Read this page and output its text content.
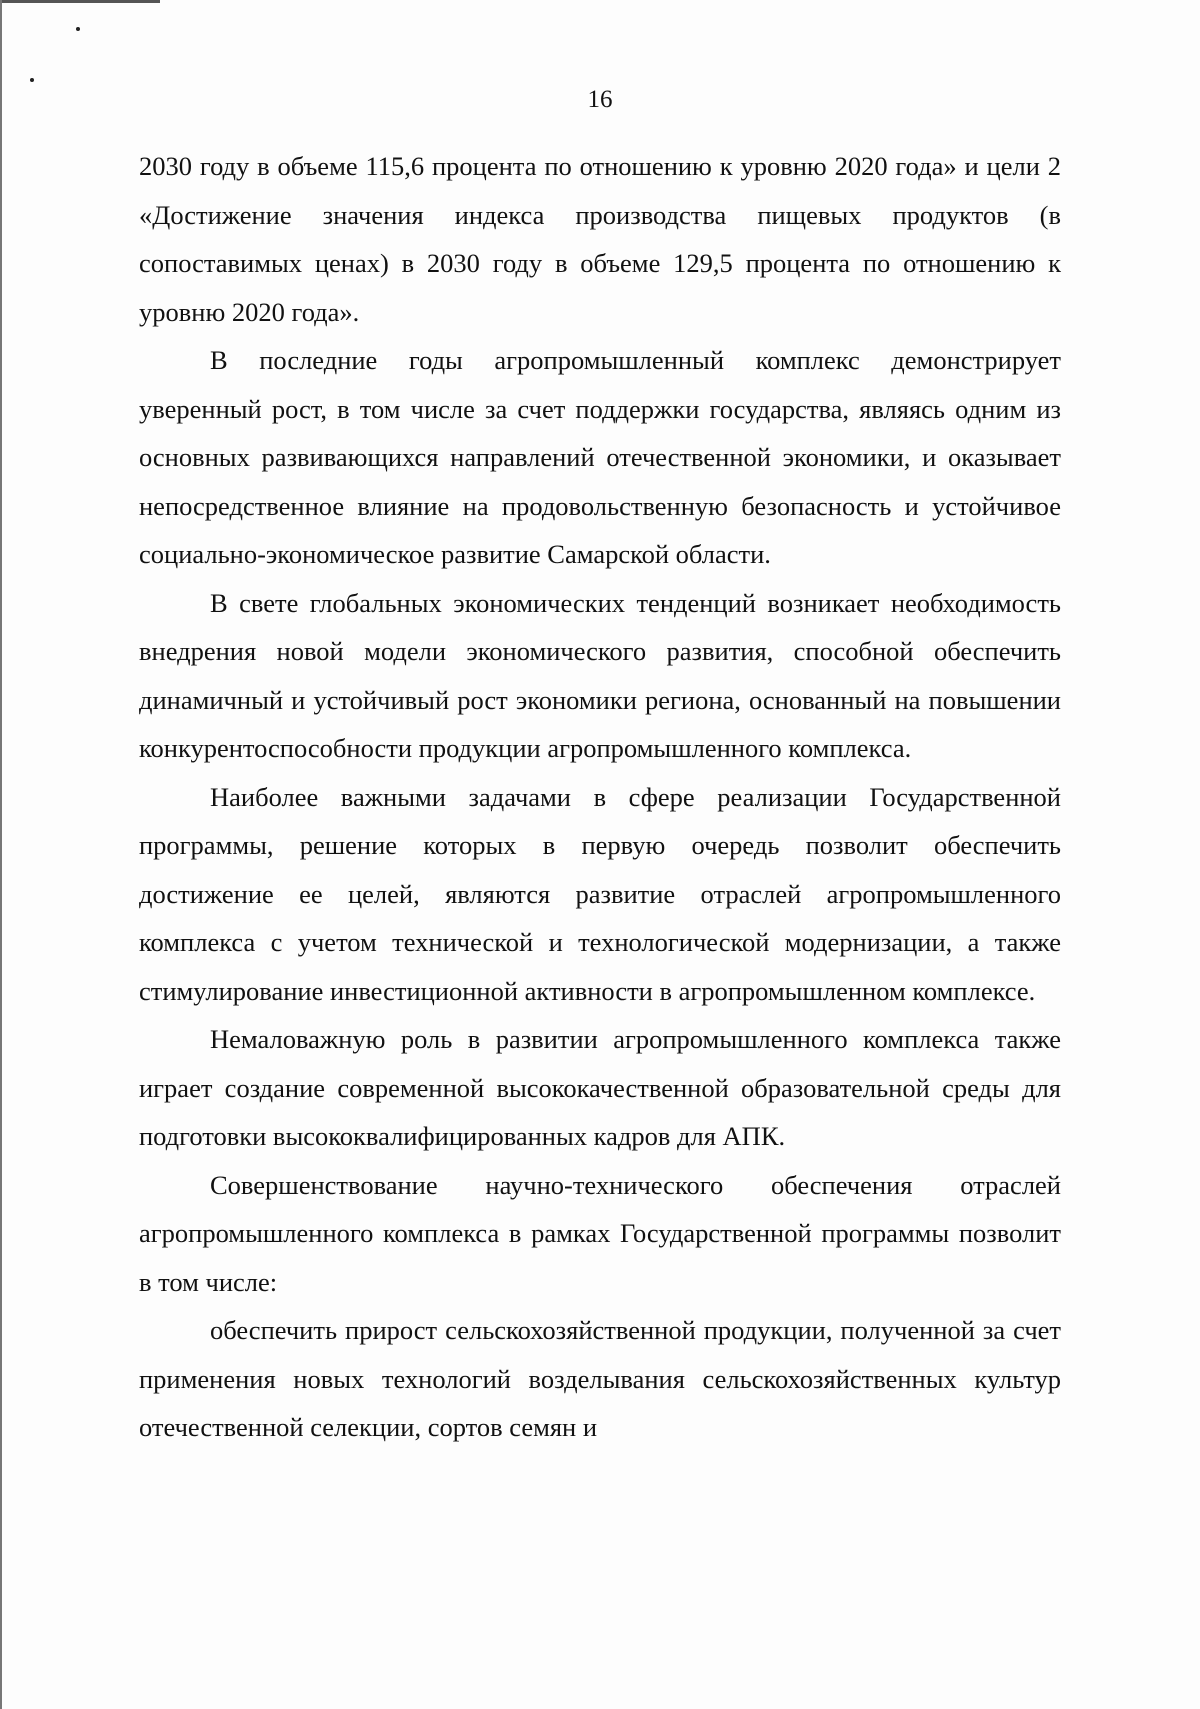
16

2030 году в объеме 115,6 процента по отношению к уровню 2020 года» и цели 2 «Достижение значения индекса производства пищевых продуктов (в сопоставимых ценах) в 2030 году в объеме 129,5 процента по отношению к уровню 2020 года».

В последние годы агропромышленный комплекс демонстрирует уверенный рост, в том числе за счет поддержки государства, являясь одним из основных развивающихся направлений отечественной экономики, и оказывает непосредственное влияние на продовольственную безопасность и устойчивое социально-экономическое развитие Самарской области.

В свете глобальных экономических тенденций возникает необходимость внедрения новой модели экономического развития, способной обеспечить динамичный и устойчивый рост экономики региона, основанный на повышении конкурентоспособности продукции агропромышленного комплекса.

Наиболее важными задачами в сфере реализации Государственной программы, решение которых в первую очередь позволит обеспечить достижение ее целей, являются развитие отраслей агропромышленного комплекса с учетом технической и технологической модернизации, а также стимулирование инвестиционной активности в агропромышленном комплексе.

Немаловажную роль в развитии агропромышленного комплекса также играет создание современной высококачественной образовательной среды для подготовки высококвалифицированных кадров для АПК.

Совершенствование научно-технического обеспечения отраслей агропромышленного комплекса в рамках Государственной программы позволит в том числе:

обеспечить прирост сельскохозяйственной продукции, полученной за счет применения новых технологий возделывания сельскохозяйственных культур отечественной селекции, сортов семян и
